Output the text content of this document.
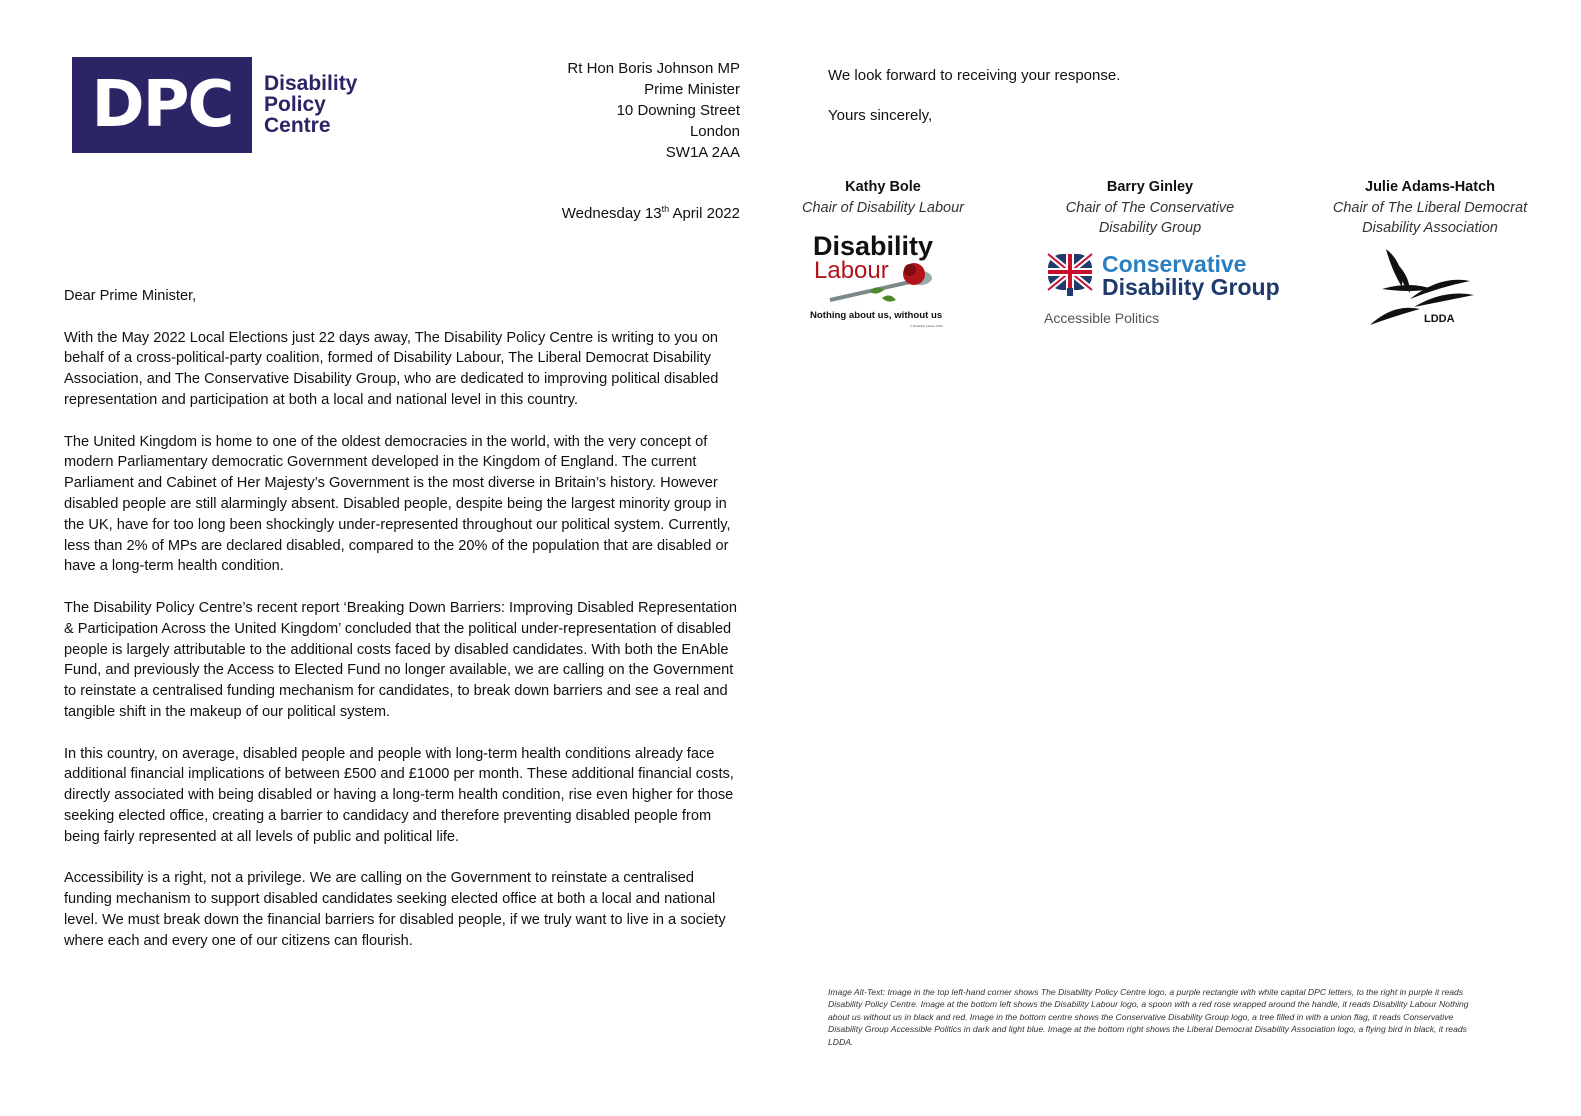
DPC	Disability
Policy
Centre
Rt Hon Boris Johnson MP
Prime Minister
10 Downing Street
London
SW1A 2AA
Wednesday 13th April 2022

Dear Prime Minister,

With the May 2022 Local Elections just 22 days away, The Disability Policy Centre is writing to you on behalf of a cross-political-party coalition, formed of Disability Labour, The Liberal Democrat Disability Association, and The Conservative Disability Group, who are dedicated to improving political disabled representation and participation at both a local and national level in this country.

The United Kingdom is home to one of the oldest democracies in the world, with the very concept of modern Parliamentary democratic Government developed in the Kingdom of England. The current Parliament and Cabinet of Her Majesty’s Government is the most diverse in Britain’s history. However disabled people are still alarmingly absent. Disabled people, despite being the largest minority group in the UK, have for too long been shockingly under-represented throughout our political system. Currently, less than 2% of MPs are declared disabled, compared to the 20% of the population that are disabled or have a long-term health condition.

The Disability Policy Centre’s recent report ‘Breaking Down Barriers: Improving Disabled Representation & Participation Across the United Kingdom’ concluded that the political under-representation of disabled people is largely attributable to the additional costs faced by disabled candidates. With both the EnAble Fund, and previously the Access to Elected Fund no longer available, we are calling on the Government to reinstate a centralised funding mechanism for candidates, to break down barriers and see a real and tangible shift in the makeup of our political system.

In this country, on average, disabled people and people with long-term health conditions already face additional financial implications of between £500 and £1000 per month. These additional financial costs, directly associated with being disabled or having a long-term health condition, rise even higher for those seeking elected office, creating a barrier to candidacy and therefore preventing disabled people from being fairly represented at all levels of public and political life.

Accessibility is a right, not a privilege. We are calling on the Government to reinstate a centralised funding mechanism to support disabled candidates seeking elected office at both a local and national level. We must break down the financial barriers for disabled people, if we truly want to live in a society where each and every one of our citizens can flourish.

We look forward to receiving your response.

Yours sincerely,

Kathy Bole
Chair of Disability Labour
Barry Ginley
Chair of The Conservative
Disability Group
Julie Adams-Hatch
Chair of The Liberal Democrat
Disability Association
Disability
Labour
Nothing about us, without us
© Disability Labour 2019
Conservative
Disability Group
Accessible Politics	LDDA
Image Alt-Text: Image in the top left-hand corner shows The Disability Policy Centre logo, a purple rectangle with white capital DPC letters, to the right in purple it reads Disability Policy Centre. Image at the bottom left shows the Disability Labour logo, a spoon with a red rose wrapped around the handle, it reads Disability Labour Nothing about us without us in black and red. Image in the bottom centre shows the Conservative Disability Group logo, a tree filled in with a union flag, it reads Conservative Disability Group Accessible Politics in dark and light blue. Image at the bottom right shows the Liberal Democrat Disability Association logo, a flying bird in black, it reads LDDA.
